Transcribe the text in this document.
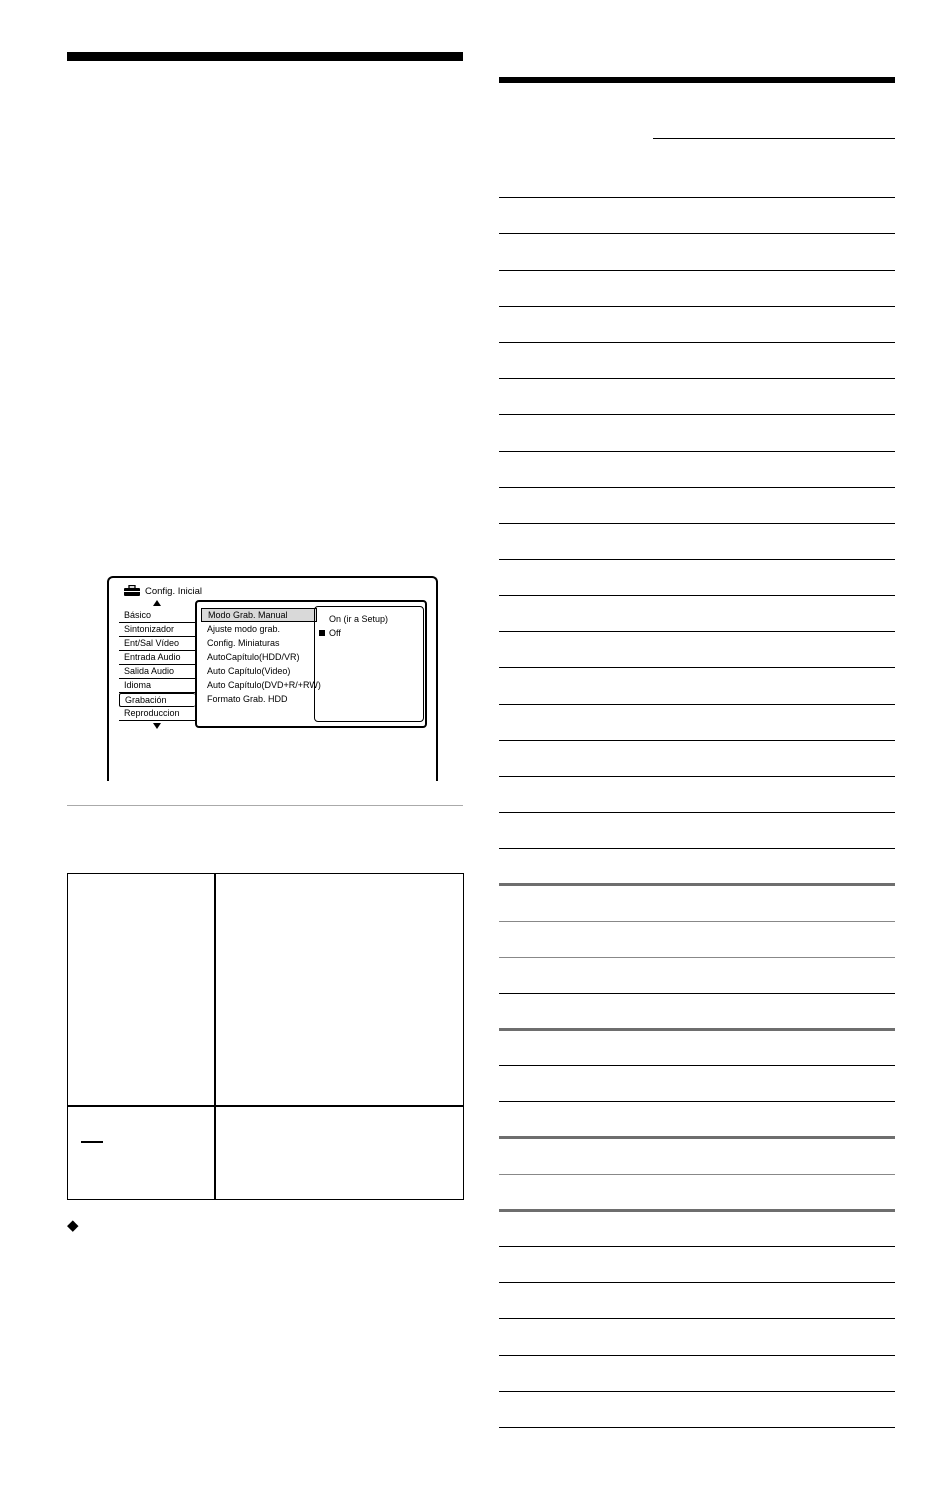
Config. Inicial
Básico
Sintonizador
Ent/Sal Vídeo
Entrada Audio
Salida Audio
Idioma
Grabación
Reproduccion
Modo Grab. Manual
Ajuste modo grab.
Config. Miniaturas
AutoCapítulo(HDD/VR)
Auto Capítulo(Video)
Auto Capítulo(DVD+R/+RW)
Formato Grab. HDD
On (ir a Setup)
Off
◆
